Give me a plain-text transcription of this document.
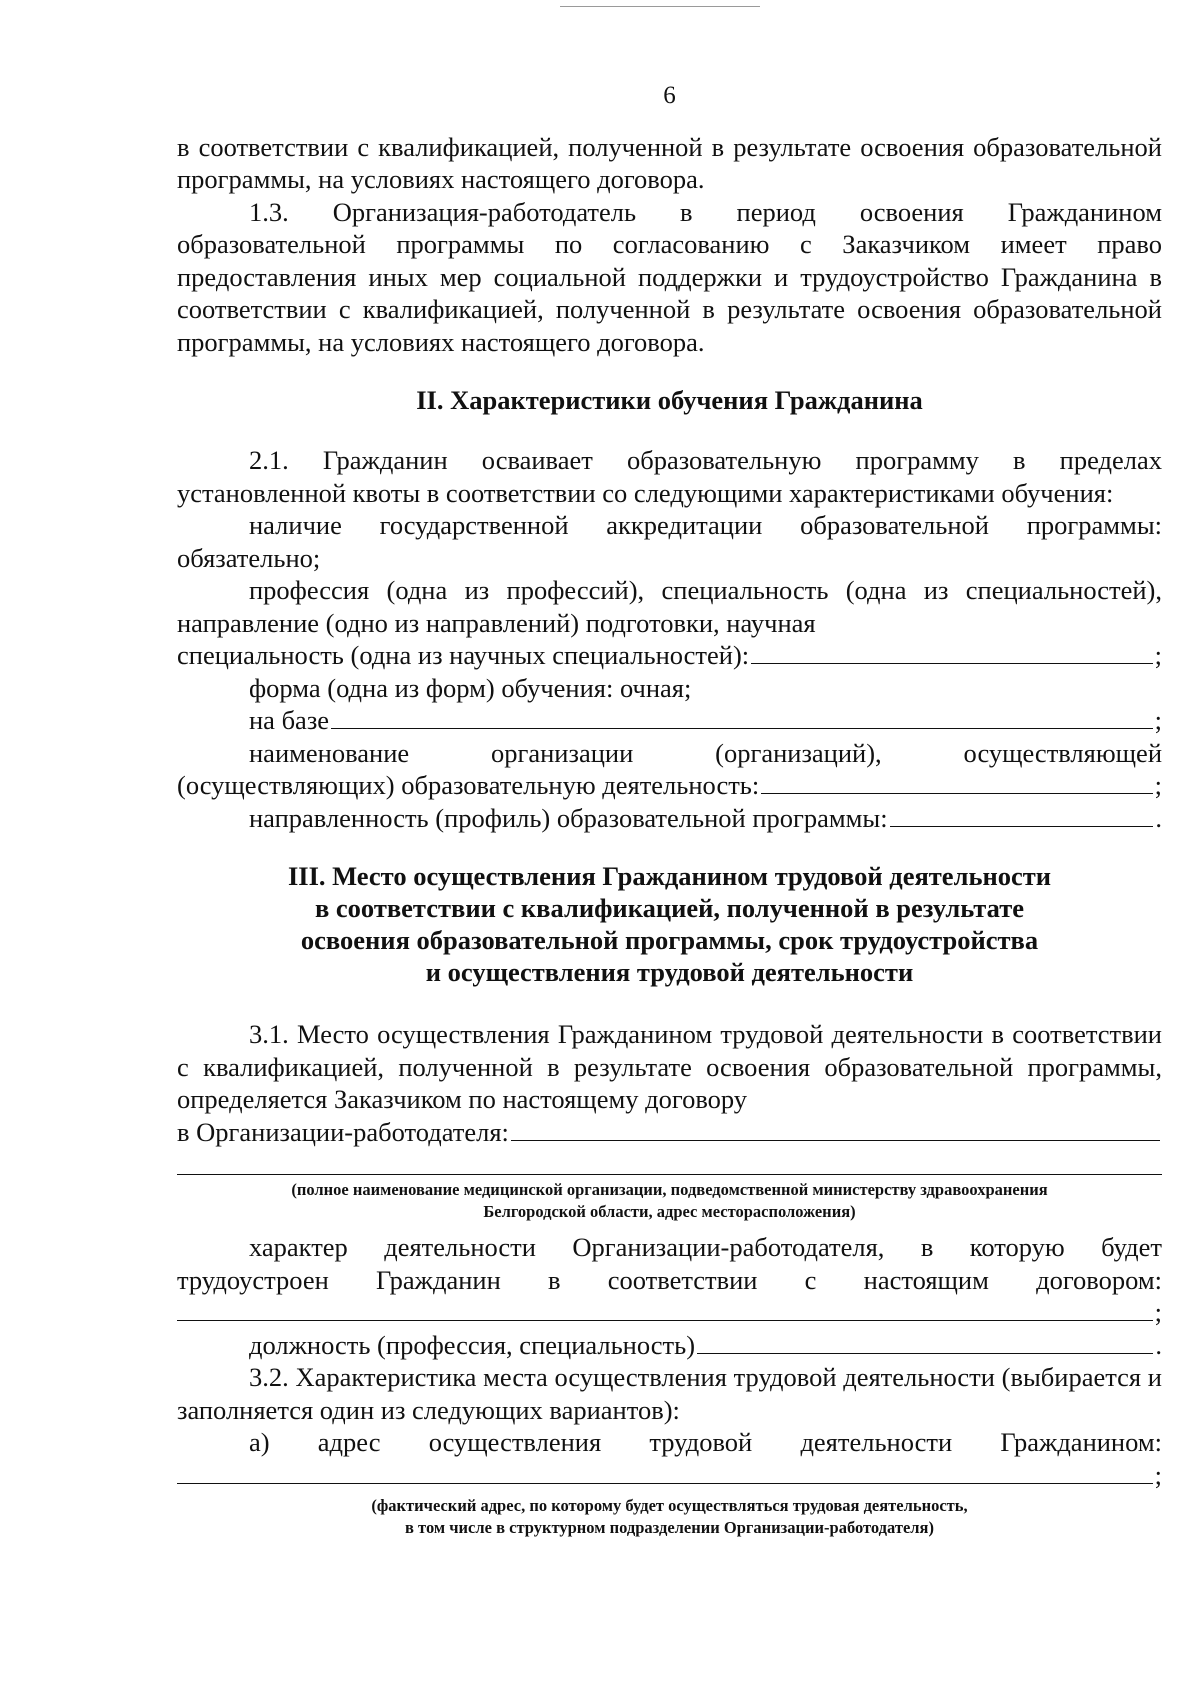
6

в соответствии с квалификацией, полученной в результате освоения образовательной программы, на условиях настоящего договора.

1.3. Организация-работодатель в период освоения Гражданином образовательной программы по согласованию с Заказчиком имеет право предоставления иных мер социальной поддержки и трудоустройство Гражданина в соответствии с квалификацией, полученной в результате освоения образовательной программы, на условиях настоящего договора.

II. Характеристики обучения Гражданина

2.1. Гражданин осваивает образовательную программу в пределах установленной квоты в соответствии со следующими характеристиками обучения:

наличие государственной аккредитации образовательной программы: обязательно;

профессия (одна из профессий), специальность (одна из специальностей), направление (одно из направлений) подготовки, научная

специальность (одна из научных специальностей):	;

форма (одна из форм) обучения: очная;

на базе	;

наименование организации (организаций), осуществляющей

(осуществляющих) образовательную деятельность:	;
направленность (профиль) образовательной программы:	.
III. Место осуществления Гражданином трудовой деятельности
в соответствии с квалификацией, полученной в результате
освоения образовательной программы, срок трудоустройства
и осуществления трудовой деятельности

3.1. Место осуществления Гражданином трудовой деятельности в соответствии с квалификацией, полученной в результате освоения образовательной программы, определяется Заказчиком по настоящему договору

в Организации-работодателя:
(полное наименование медицинской организации, подведомственной министерству здравоохранения
Белгородской области, адрес месторасположения)

характер деятельности Организации-работодателя, в которую будет

трудоустроен Гражданин в соответствии с настоящим договором:

;
должность (профессия, специальность)	.

3.2. Характеристика места осуществления трудовой деятельности (выбирается и заполняется один из следующих вариантов):

а) адрес осуществления трудовой деятельности Гражданином:

;
(фактический адрес, по которому будет осуществляться трудовая деятельность,
в том числе в структурном подразделении Организации-работодателя)
